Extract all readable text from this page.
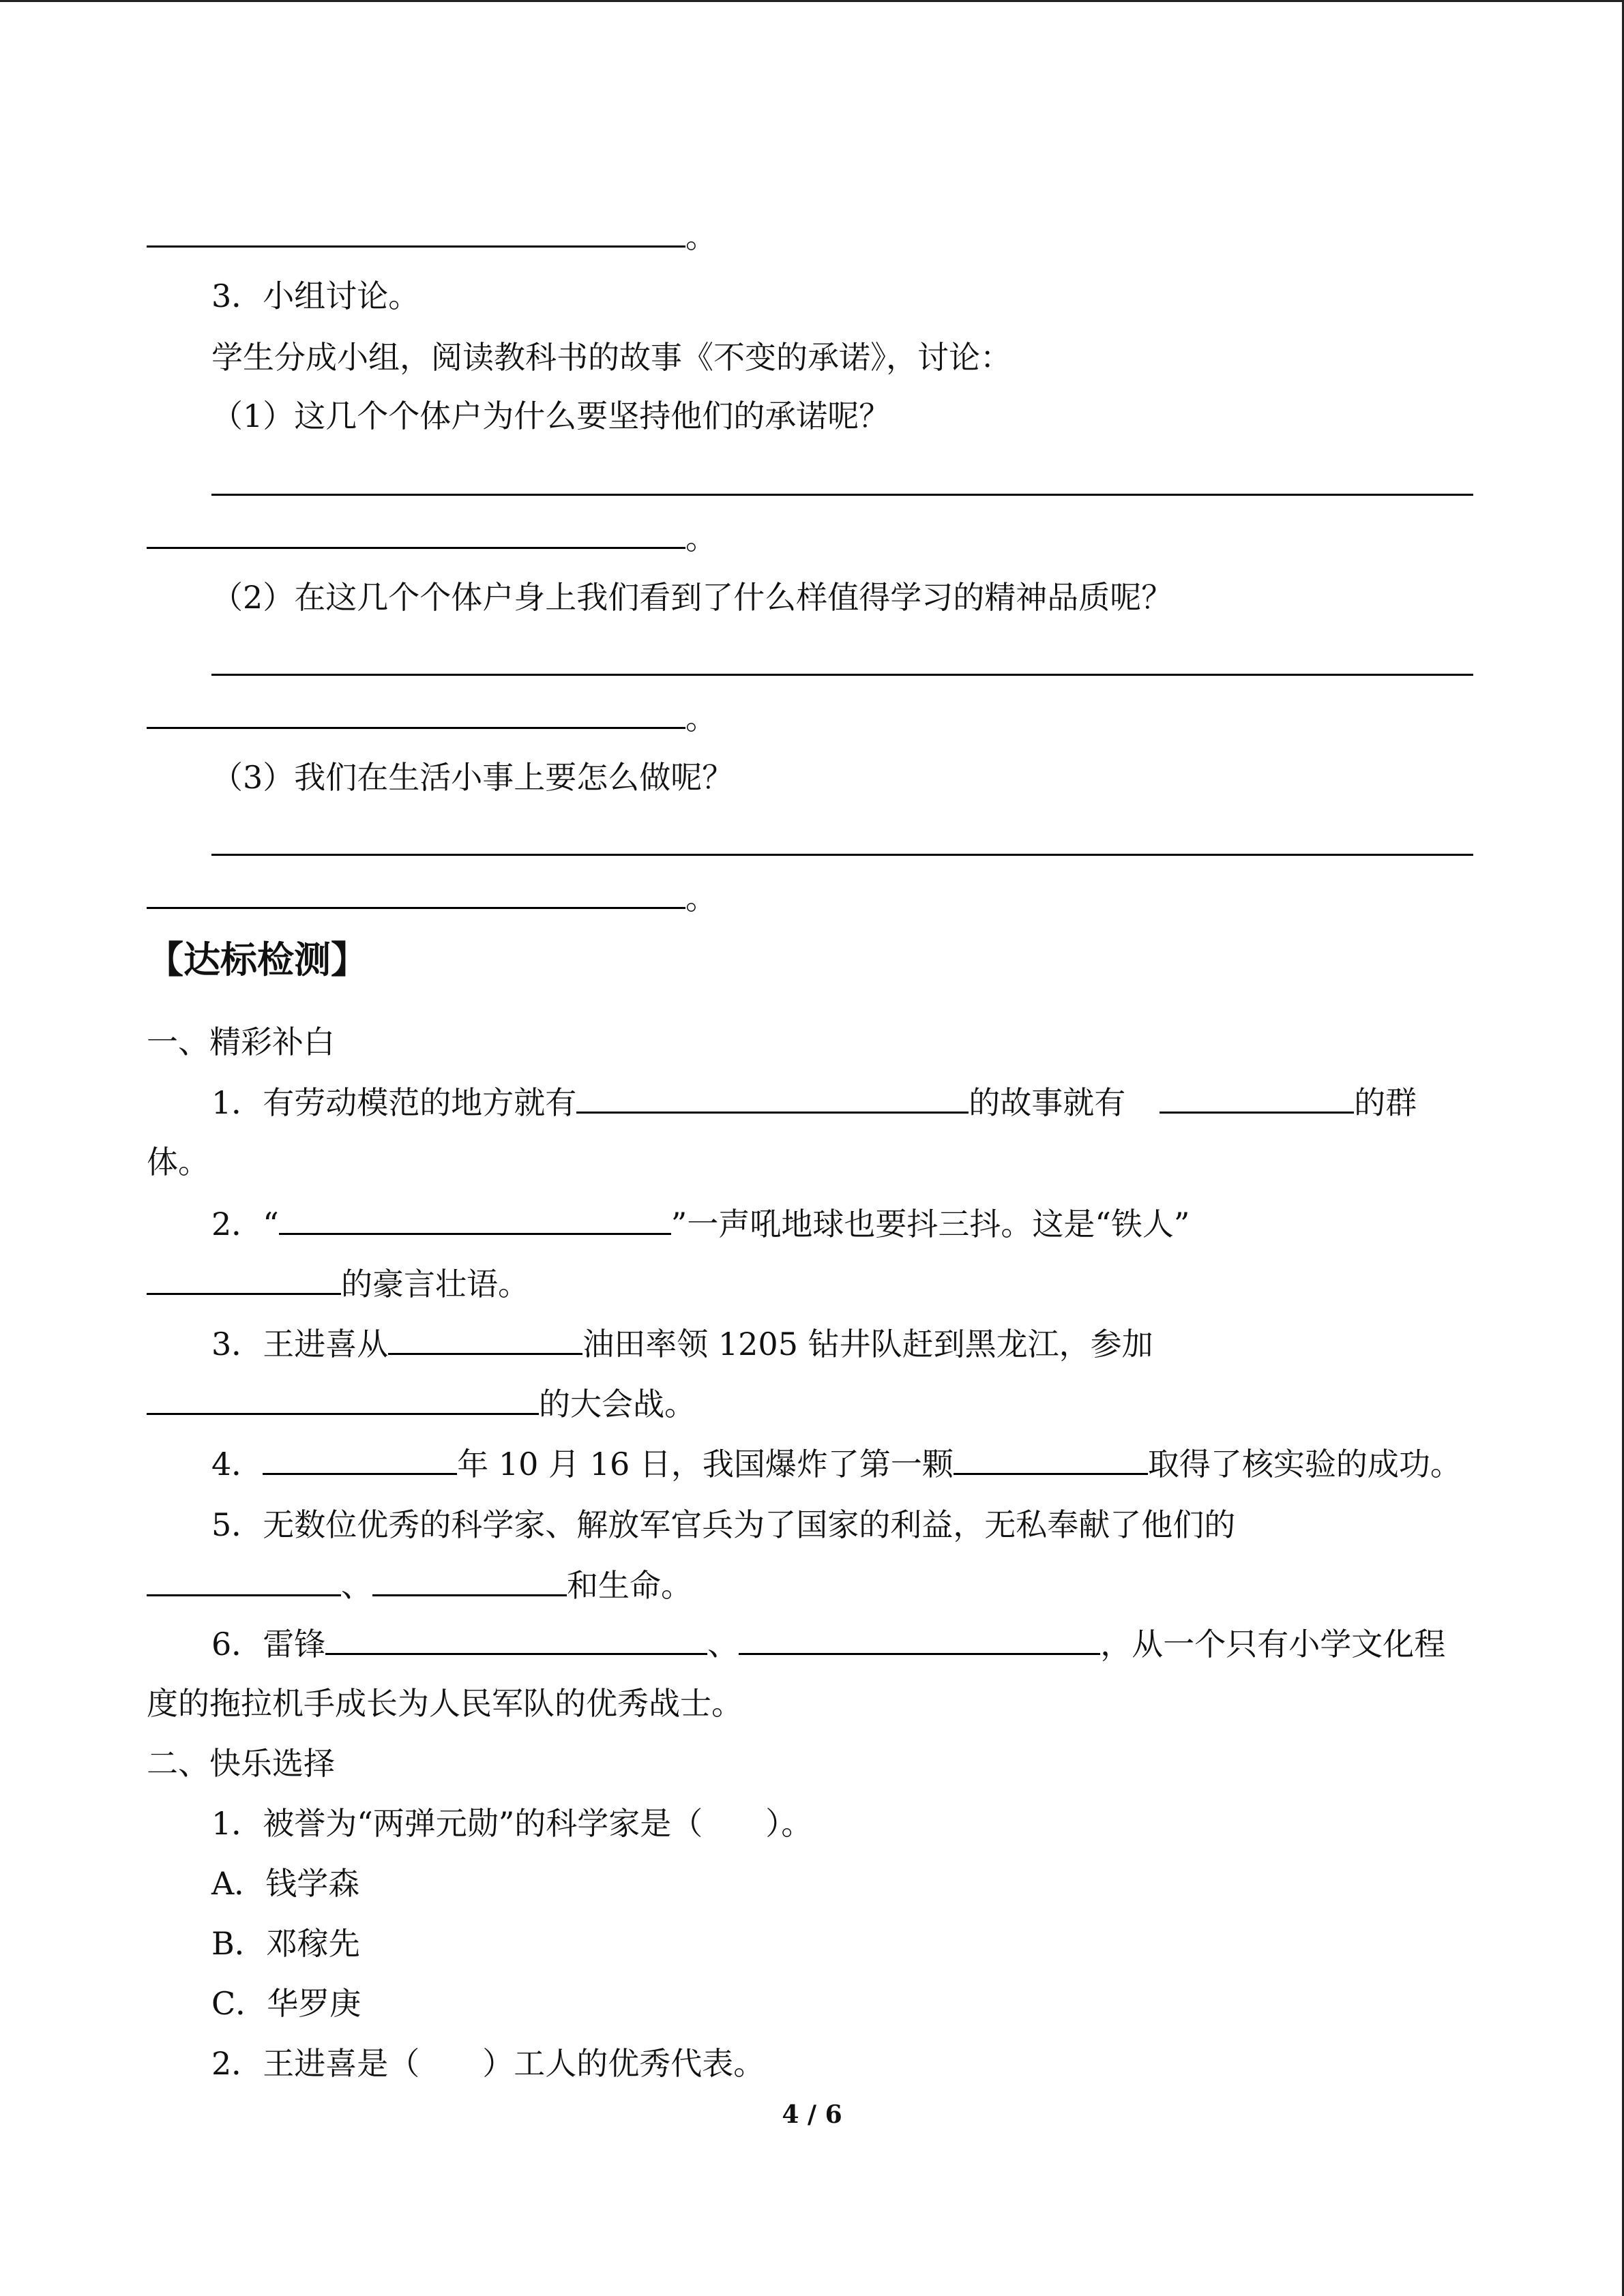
。
3．小组讨论。
学生分成小组，阅读教科书的故事《不变的承诺》，讨论：
（1）这几个个体户为什么要坚持他们的承诺呢？
。
（2）在这几个个体户身上我们看到了什么样值得学习的精神品质呢？
。
（3）我们在生活小事上要怎么做呢？
。
【达标检测】
一、精彩补白
1．有劳动模范的地方就有	的故事就有	的群
体。
2．“	”一声吼地球也要抖三抖。这是“铁人”
的豪言壮语。
3．王进喜从	油田率领 1205 钻井队赶到黑龙江，参加
的大会战。
4．	年 10 月 16 日，我国爆炸了第一颗	取得了核实验的成功。
5．无数位优秀的科学家、解放军官兵为了国家的利益，无私奉献了他们的
、	和生命。
6．雷锋	、	，从一个只有小学文化程
度的拖拉机手成长为人民军队的优秀战士。
二、快乐选择
1．被誉为“两弹元勋”的科学家是（　　）。
A．钱学森
B．邓稼先
C．华罗庚
2．王进喜是（　　）工人的优秀代表。
4 / 6
